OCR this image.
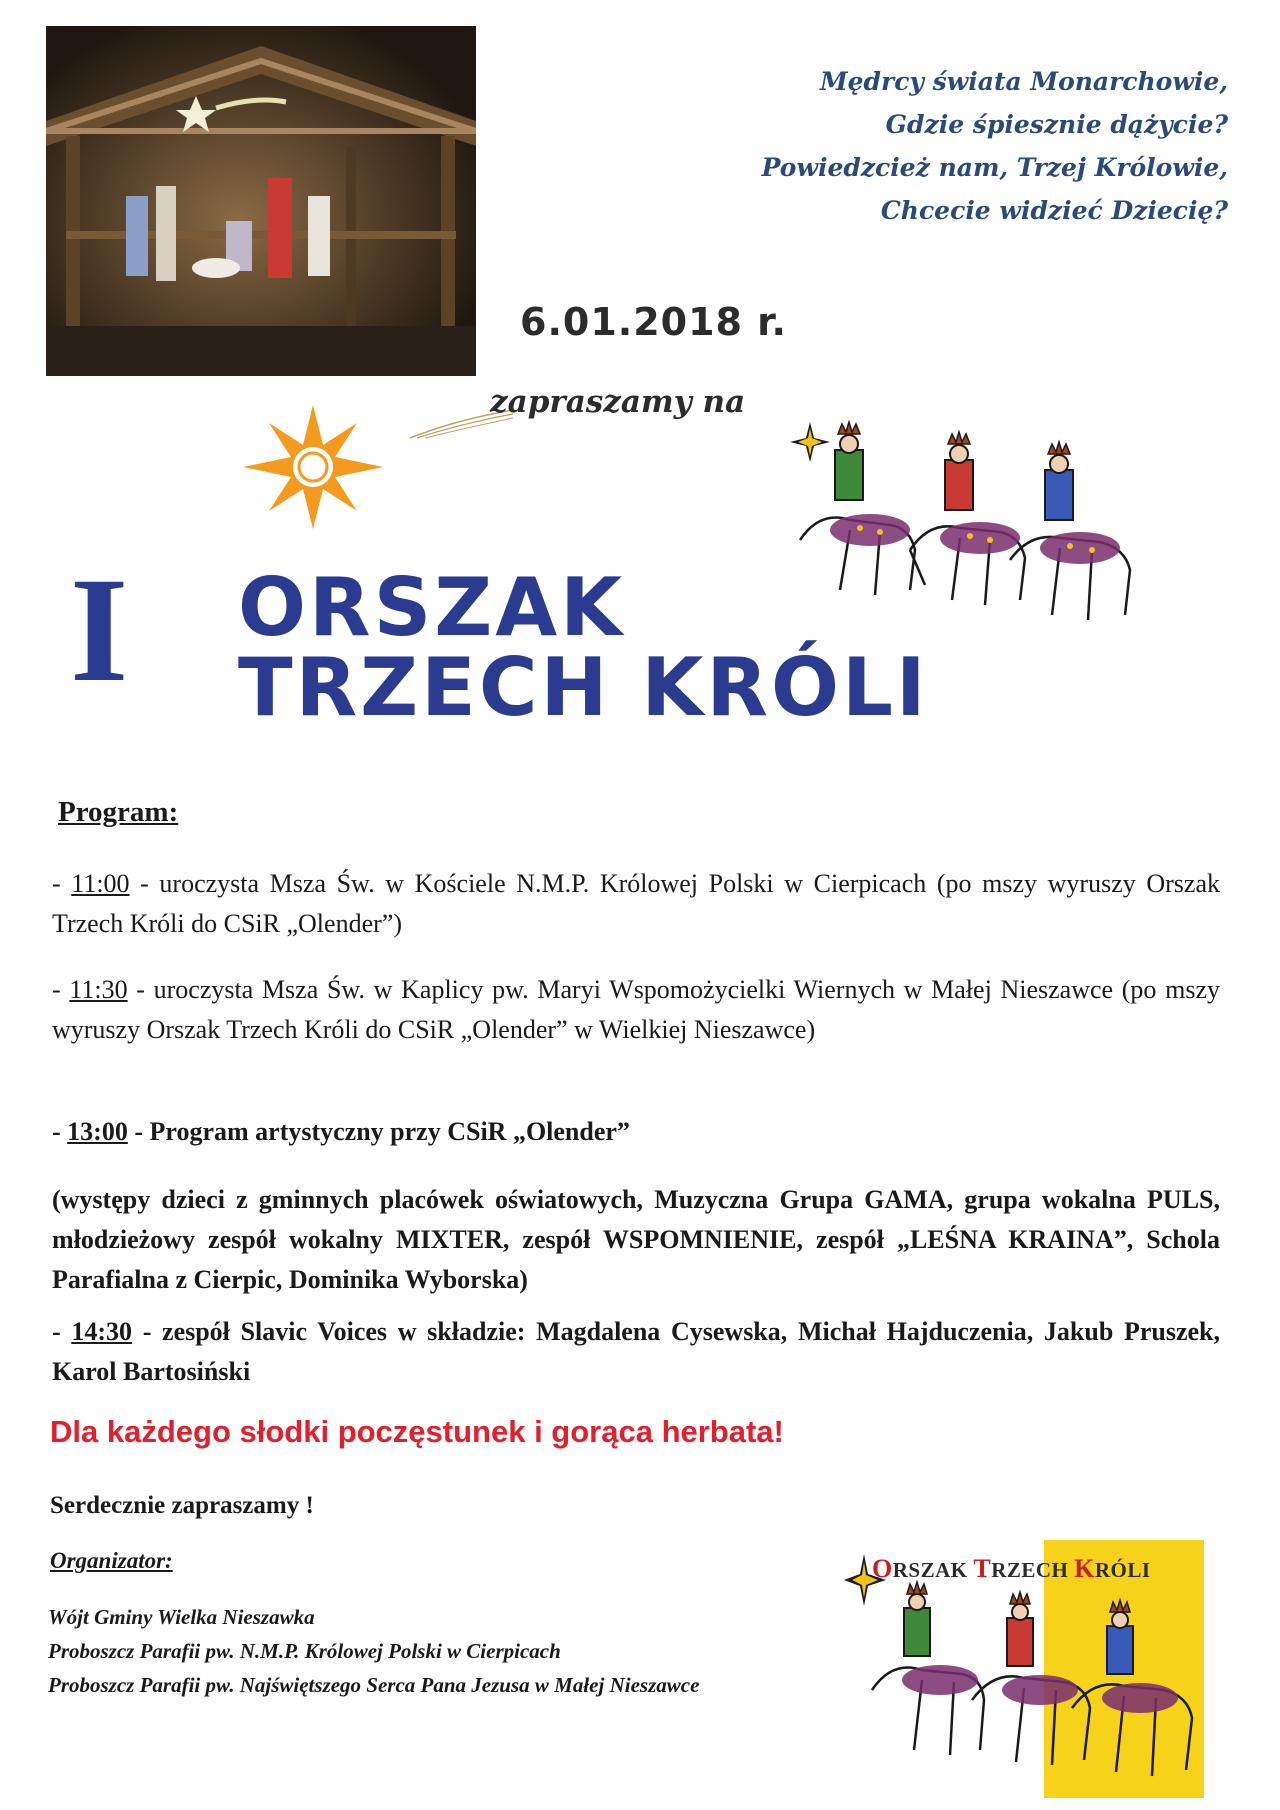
Mędrcy świata Monarchowie,
Gdzie śpiesznie dążycie?
Powiedzcież nam, Trzej Królowie,
Chcecie widzieć Dziecię?
6.01.2018 r.
zapraszamy na
I ORSZAK
TRZECH KRÓLI
Program:
- 11:00 - uroczysta Msza Św. w Kościele N.M.P. Królowej Polski w Cierpicach (po mszy wyruszy Orszak Trzech Króli do CSiR „Olender”)
- 11:30 - uroczysta Msza Św. w Kaplicy pw. Maryi Wspomożycielki Wiernych w Małej Nieszawce (po mszy wyruszy Orszak Trzech Króli do CSiR „Olender” w Wielkiej Nieszawce)
- 13:00 - Program artystyczny przy CSiR „Olender”
(występy dzieci z gminnych placówek oświatowych, Muzyczna Grupa GAMA, grupa wokalna PULS, młodzieżowy zespół wokalny MIXTER, zespół WSPOMNIENIE, zespół „LEŚNA KRAINA”, Schola Parafialna z Cierpic, Dominika Wyborska)
- 14:30 - zespół Slavic Voices w składzie: Magdalena Cysewska, Michał Hajduczenia, Jakub Pruszek, Karol Bartosiński
Dla każdego słodki poczęstunek i gorąca herbata!
Serdecznie zapraszamy !
Organizator:
Wójt Gminy Wielka Nieszawka
Proboszcz Parafii pw. N.M.P. Królowej Polski w Cierpicach
Proboszcz Parafii pw. Najświętszego Serca Pana Jezusa w Małej Nieszawce
ORSZAK TRZECH KRÓLI
